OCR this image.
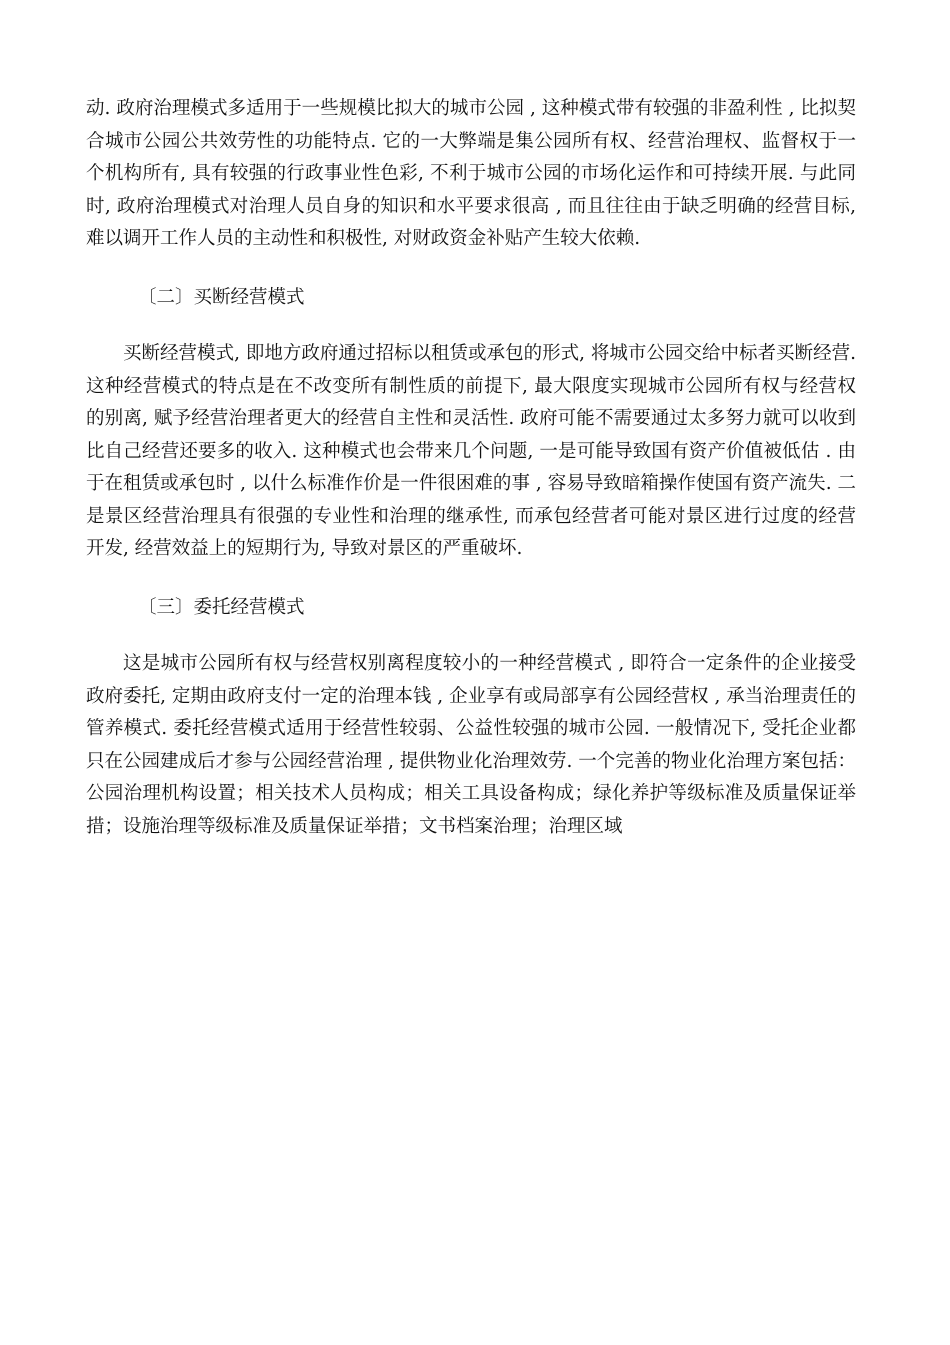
动. 政府治理模式多适用于一些规模比拟大的城市公园 , 这种模式带有较强的非盈利性 , 比拟契合城市公园公共效劳性的功能特点. 它的一大弊端是集公园所有权、经营治理权、监督权于一个机构所有, 具有较强的行政事业性色彩, 不利于城市公园的市场化运作和可持续开展. 与此同时, 政府治理模式对治理人员自身的知识和水平要求很高 , 而且往往由于缺乏明确的经营目标, 难以调开工作人员的主动性和积极性, 对财政资金补贴产生较大依赖.

〔二〕买断经营模式

买断经营模式, 即地方政府通过招标以租赁或承包的形式, 将城市公园交给中标者买断经营. 这种经营模式的特点是在不改变所有制性质的前提下, 最大限度实现城市公园所有权与经营权的别离, 赋予经营治理者更大的经营自主性和灵活性. 政府可能不需要通过太多努力就可以收到比自己经营还要多的收入. 这种模式也会带来几个问题, 一是可能导致国有资产价值被低估 . 由于在租赁或承包时 , 以什么标准作价是一件很困难的事 , 容易导致暗箱操作使国有资产流失. 二是景区经营治理具有很强的专业性和治理的继承性, 而承包经营者可能对景区进行过度的经营开发, 经营效益上的短期行为, 导致对景区的严重破坏.

〔三〕委托经营模式

这是城市公园所有权与经营权别离程度较小的一种经营模式 , 即符合一定条件的企业接受政府委托, 定期由政府支付一定的治理本钱 , 企业享有或局部享有公园经营权 , 承当治理责任的管养模式. 委托经营模式适用于经营性较弱、公益性较强的城市公园. 一般情况下, 受托企业都只在公园建成后才参与公园经营治理 , 提供物业化治理效劳. 一个完善的物业化治理方案包括：公园治理机构设置；相关技术人员构成；相关工具设备构成；绿化养护等级标准及质量保证举措；设施治理等级标准及质量保证举措；文书档案治理；治理区域
